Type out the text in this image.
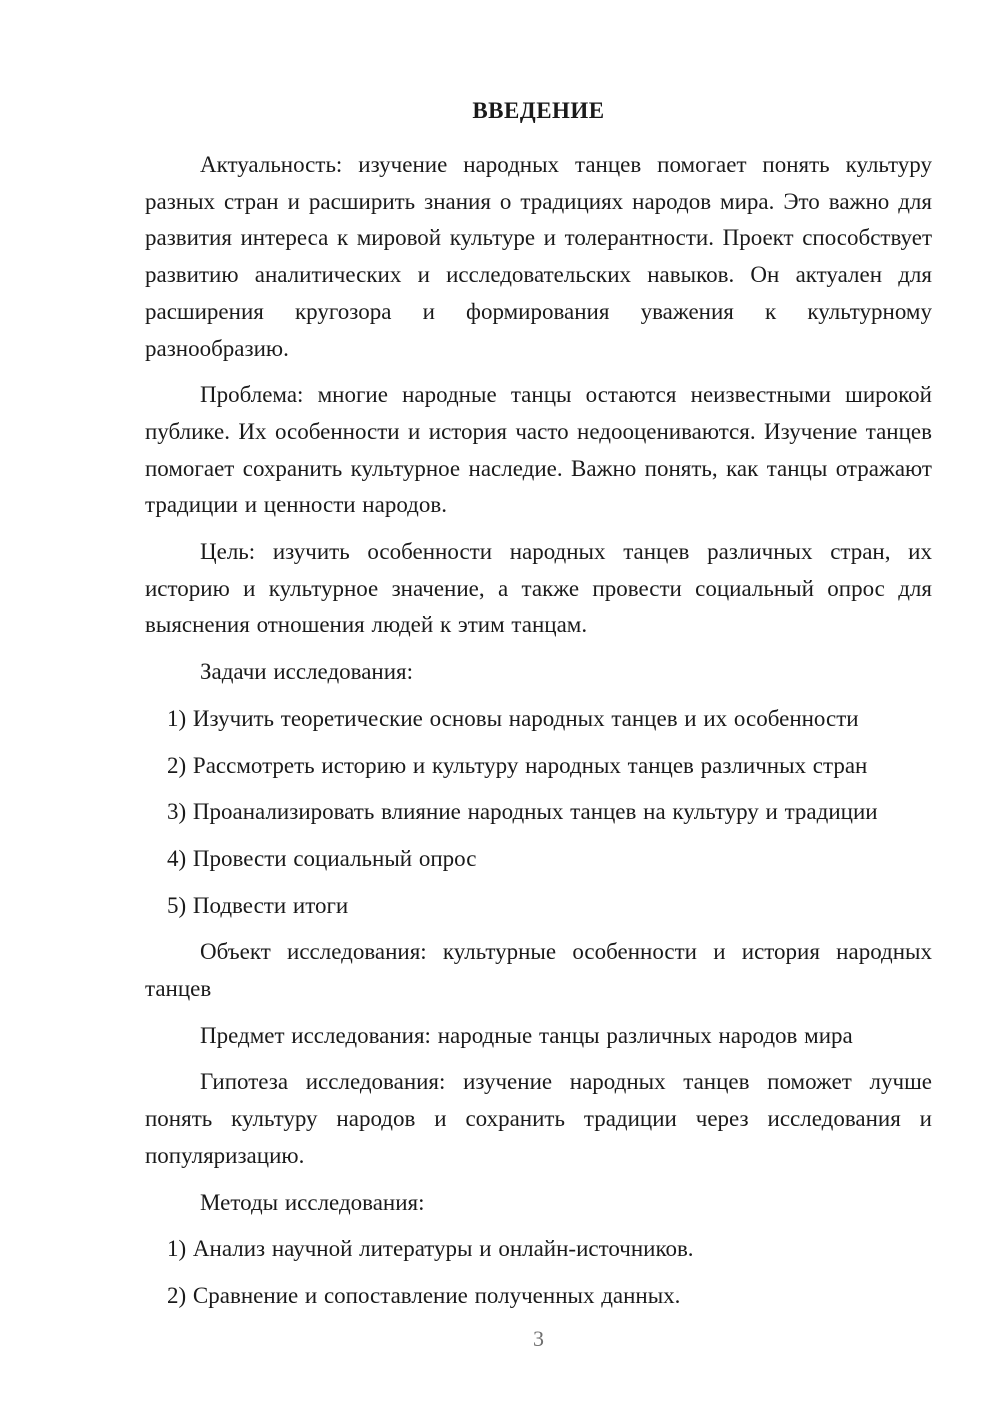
ВВЕДЕНИЕ

Актуальность: изучение народных танцев помогает понять культуру разных стран и расширить знания о традициях народов мира. Это важно для развития интереса к мировой культуре и толерантности. Проект способствует развитию аналитических и исследовательских навыков. Он актуален для расширения кругозора и формирования уважения к культурному разнообразию.

Проблема: многие народные танцы остаются неизвестными широкой публике. Их особенности и история часто недооцениваются. Изучение танцев помогает сохранить культурное наследие. Важно понять, как танцы отражают традиции и ценности народов.

Цель: изучить особенности народных танцев различных стран, их историю и культурное значение, а также провести социальный опрос для выяснения отношения людей к этим танцам.

Задачи исследования:

1) Изучить теоретические основы народных танцев и их особенности

2) Рассмотреть историю и культуру народных танцев различных стран

3) Проанализировать влияние народных танцев на культуру и традиции

4) Провести социальный опрос

5) Подвести итоги

Объект исследования: культурные особенности и история народных танцев

Предмет исследования: народные танцы различных народов мира

Гипотеза исследования: изучение народных танцев поможет лучше понять культуру народов и сохранить традиции через исследования и популяризацию.

Методы исследования:

1) Анализ научной литературы и онлайн-источников.

2) Сравнение и сопоставление полученных данных.

3
